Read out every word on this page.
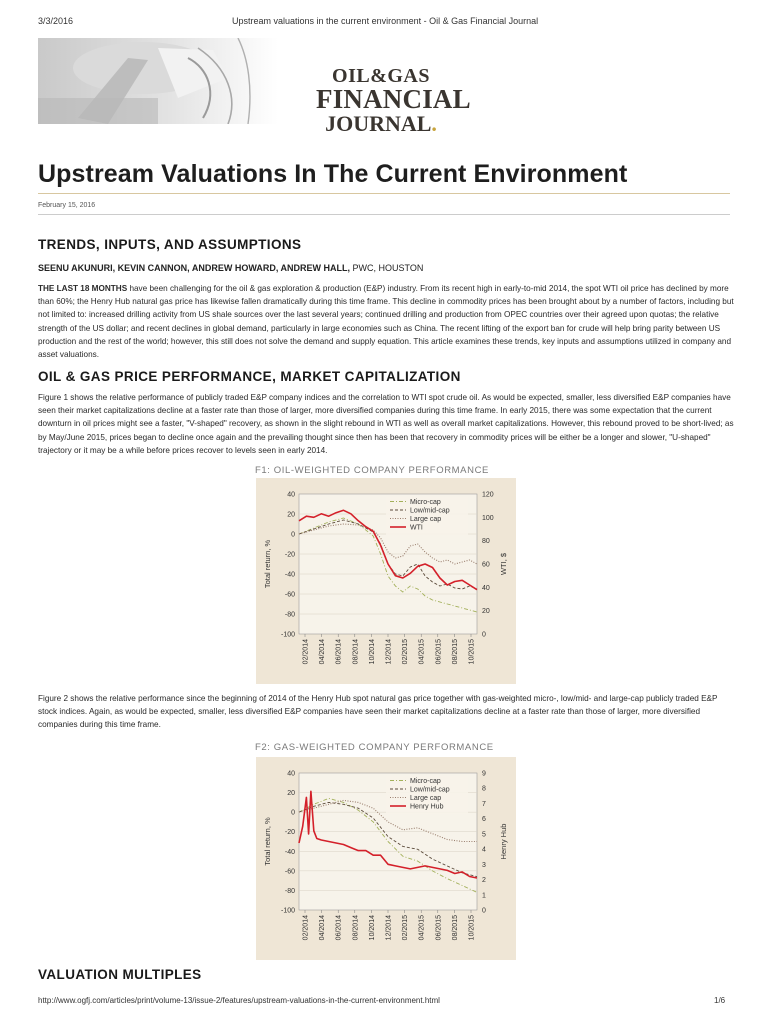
3/3/2016	Upstream valuations in the current environment - Oil & Gas Financial Journal
OIL&GAS
FINANCIAL
JOURNAL.
Upstream Valuations In The Current Environment
February 15, 2016
TRENDS, INPUTS, AND ASSUMPTIONS
SEENU AKUNURI, KEVIN CANNON, ANDREW HOWARD, ANDREW HALL, PWC, HOUSTON
THE LAST 18 MONTHS have been challenging for the oil & gas exploration & production (E&P) industry. From its recent high in early-to-mid 2014, the spot WTI oil price has declined by more than 60%; the Henry Hub natural gas price has likewise fallen dramatically during this time frame. This decline in commodity prices has been brought about by a number of factors, including but not limited to: increased drilling activity from US shale sources over the last several years; continued drilling and production from OPEC countries over their agreed upon quotas; the relative strength of the US dollar; and recent declines in global demand, particularly in large economies such as China. The recent lifting of the export ban for crude will help bring parity between US production and the rest of the world; however, this still does not solve the demand and supply equation. This article examines these trends, key inputs and assumptions utilized in company and asset valuations.
OIL & GAS PRICE PERFORMANCE, MARKET CAPITALIZATION
Figure 1 shows the relative performance of publicly traded E&P company indices and the correlation to WTI spot crude oil. As would be expected, smaller, less diversified E&P companies have seen their market capitalizations decline at a faster rate than those of larger, more diversified companies during this time frame. In early 2015, there was some expectation that the current downturn in oil prices might see a faster, "V-shaped" recovery, as shown in the slight rebound in WTI as well as overall market capitalizations. However, this rebound proved to be short-lived; as by May/June 2015, prices began to decline once again and the prevailing thought since then has been that recovery in commodity prices will be either be a longer and slower, "U-shaped" trajectory or it may be a while before prices recover to levels seen in early 2014.
F1: OIL-WEIGHTED COMPANY PERFORMANCE
40
20
0
-20
-40
-60
-80
-100
120
100
80
60
40
20
0
02/2014 04/2014 06/2014 08/2014 10/2014 12/2014 02/2015 04/2015 06/2015 08/2015 10/2015
Total return, %	WTI, $
Micro-cap
Low/mid-cap
Large cap
WTI
Figure 2 shows the relative performance since the beginning of 2014 of the Henry Hub spot natural gas price together with gas-weighted micro-, low/mid- and large-cap publicly traded E&P stock indices. Again, as would be expected, smaller, less diversified E&P companies have seen their market capitalizations decline at a faster rate than those of larger, more diversified companies during this time frame.
F2: GAS-WEIGHTED COMPANY PERFORMANCE
40
20
0
-20
-40
-60
-80
-100
9
8
7
6
5
4
3
2
1
0
02/2014 04/2014 06/2014 08/2014 10/2014 12/2014 02/2015 04/2015 06/2015 08/2015 10/2015
Total return, %	Henry Hub
Micro-cap
Low/mid-cap
Large cap
Henry Hub
VALUATION MULTIPLES
http://www.ogfj.com/articles/print/volume-13/issue-2/features/upstream-valuations-in-the-current-environment.html	1/6
